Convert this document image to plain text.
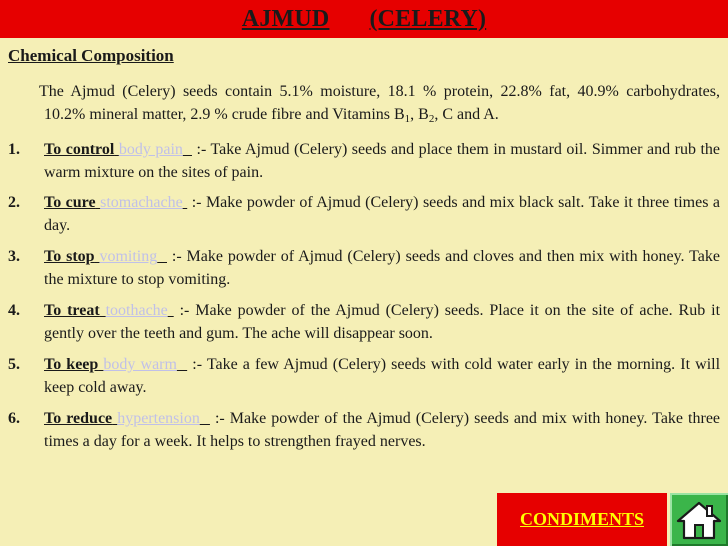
AJMUD (CELERY)
Chemical Composition
The Ajmud (Celery) seeds contain 5.1% moisture, 18.1 % protein, 22.8% fat, 40.9% carbohydrates, 10.2% mineral matter, 2.9 % crude fibre and Vitamins $B_1$, $B_2$, C and A.
1. To control body pain :- Take Ajmud (Celery) seeds and place them in mustard oil. Simmer and rub the warm mixture on the sites of pain.
2. To cure stomachache :- Make powder of Ajmud (Celery) seeds and mix black salt. Take it three times a day.
3. To stop vomiting :- Make powder of Ajmud (Celery) seeds and cloves and then mix with honey. Take the mixture to stop vomiting.
4. To treat toothache :- Make powder of the Ajmud (Celery) seeds. Place it on the site of ache. Rub it gently over the teeth and gum. The ache will disappear soon.
5. To keep body warm :- Take a few Ajmud (Celery) seeds with cold water early in the morning. It will keep cold away.
6. To reduce hypertension :- Make powder of the Ajmud (Celery) seeds and mix with honey. Take three times a day for a week. It helps to strengthen frayed nerves.
CONDIMENTS
